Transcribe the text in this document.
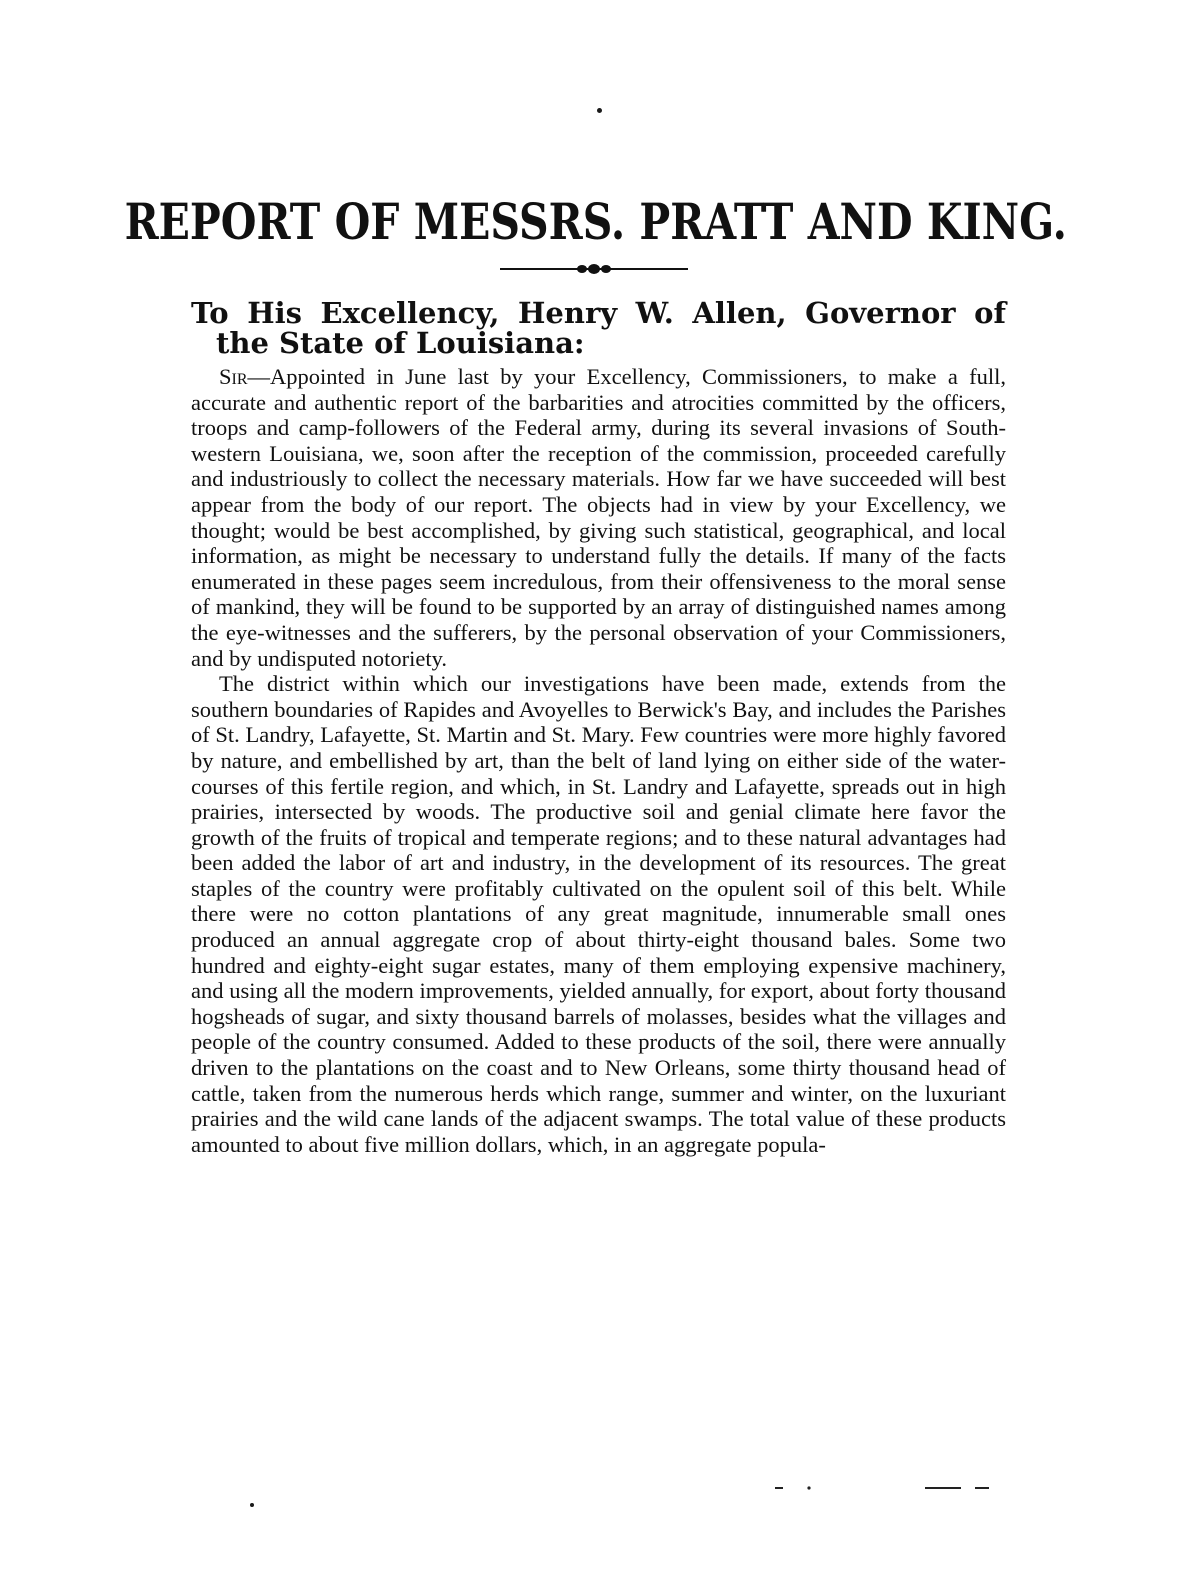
REPORT OF MESSRS. PRATT AND KING.

To His Excellency, Henry W. Allen, Governor of the State of Louisiana:

Sir—Appointed in June last by your Excellency, Commissioners, to make a full, accurate and authentic report of the barbarities and atrocities committed by the officers, troops and camp-followers of the Federal army, during its several invasions of South-western Louisiana, we, soon after the reception of the commission, proceeded carefully and industriously to collect the necessary materials. How far we have succeeded will best appear from the body of our report. The objects had in view by your Excellency, we thought; would be best accomplished, by giving such statistical, geographical, and local information, as might be necessary to understand fully the details. If many of the facts enumerated in these pages seem incredulous, from their offensiveness to the moral sense of mankind, they will be found to be supported by an array of distinguished names among the eye-witnesses and the sufferers, by the personal observation of your Commissioners, and by undisputed notoriety.

The district within which our investigations have been made, extends from the southern boundaries of Rapides and Avoyelles to Berwick's Bay, and includes the Parishes of St. Landry, Lafayette, St. Martin and St. Mary. Few countries were more highly favored by nature, and embellished by art, than the belt of land lying on either side of the water-courses of this fertile region, and which, in St. Landry and Lafayette, spreads out in high prairies, intersected by woods. The productive soil and genial climate here favor the growth of the fruits of tropical and temperate regions; and to these natural advantages had been added the labor of art and industry, in the development of its resources. The great staples of the country were profitably cultivated on the opulent soil of this belt. While there were no cotton plantations of any great magnitude, innumerable small ones produced an annual aggregate crop of about thirty-eight thousand bales. Some two hundred and eighty-eight sugar estates, many of them employing expensive machinery, and using all the modern improvements, yielded annually, for export, about forty thousand hogsheads of sugar, and sixty thousand barrels of molasses, besides what the villages and people of the country consumed. Added to these products of the soil, there were annually driven to the plantations on the coast and to New Orleans, some thirty thousand head of cattle, taken from the numerous herds which range, summer and winter, on the luxuriant prairies and the wild cane lands of the adjacent swamps. The total value of these products amounted to about five million dollars, which, in an aggregate popula-
